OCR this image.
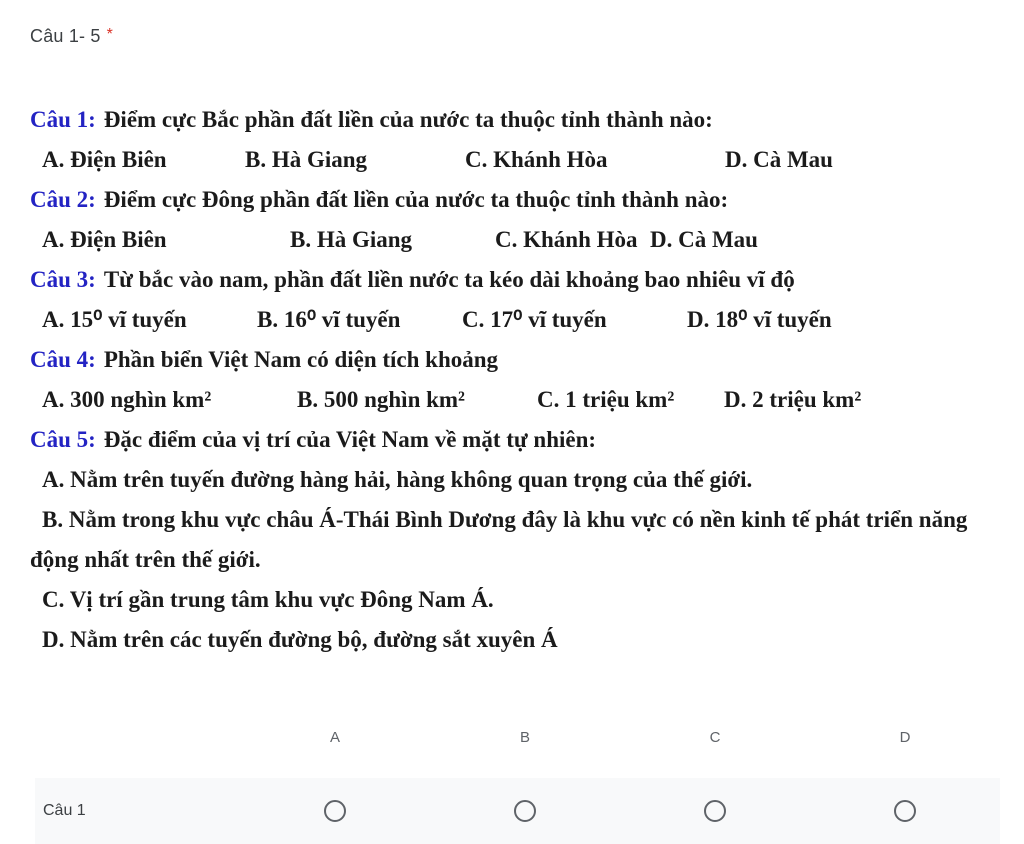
Câu 1- 5 *
Câu 1: Điểm cực Bắc phần đất liền của nước ta thuộc tỉnh thành nào:
A. Điện Biên	B. Hà Giang	C. Khánh Hòa	D. Cà Mau
Câu 2: Điểm cực Đông phần đất liền của nước ta thuộc tỉnh thành nào:
A. Điện Biên	B. Hà Giang	C. Khánh Hòa D. Cà Mau
Câu 3: Từ bắc vào nam, phần đất liền nước ta kéo dài khoảng bao nhiêu vĩ độ
A. 15⁰ vĩ tuyến	B. 16⁰ vĩ tuyến	C. 17⁰ vĩ tuyến	D. 18⁰ vĩ tuyến
Câu 4: Phần biển Việt Nam có diện tích khoảng
A. 300 nghìn km²	B. 500 nghìn km²	C. 1 triệu km²	D. 2 triệu km²
Câu 5: Đặc điểm của vị trí của Việt Nam về mặt tự nhiên:
A. Nằm trên tuyến đường hàng hải, hàng không quan trọng của thế giới.
B. Nằm trong khu vực châu Á-Thái Bình Dương đây là khu vực có nền kinh tế phát triển năng động nhất trên thế giới.
C. Vị trí gần trung tâm khu vực Đông Nam Á.
D. Nằm trên các tuyến đường bộ, đường sắt xuyên Á
A	B	C	D
Câu 1
